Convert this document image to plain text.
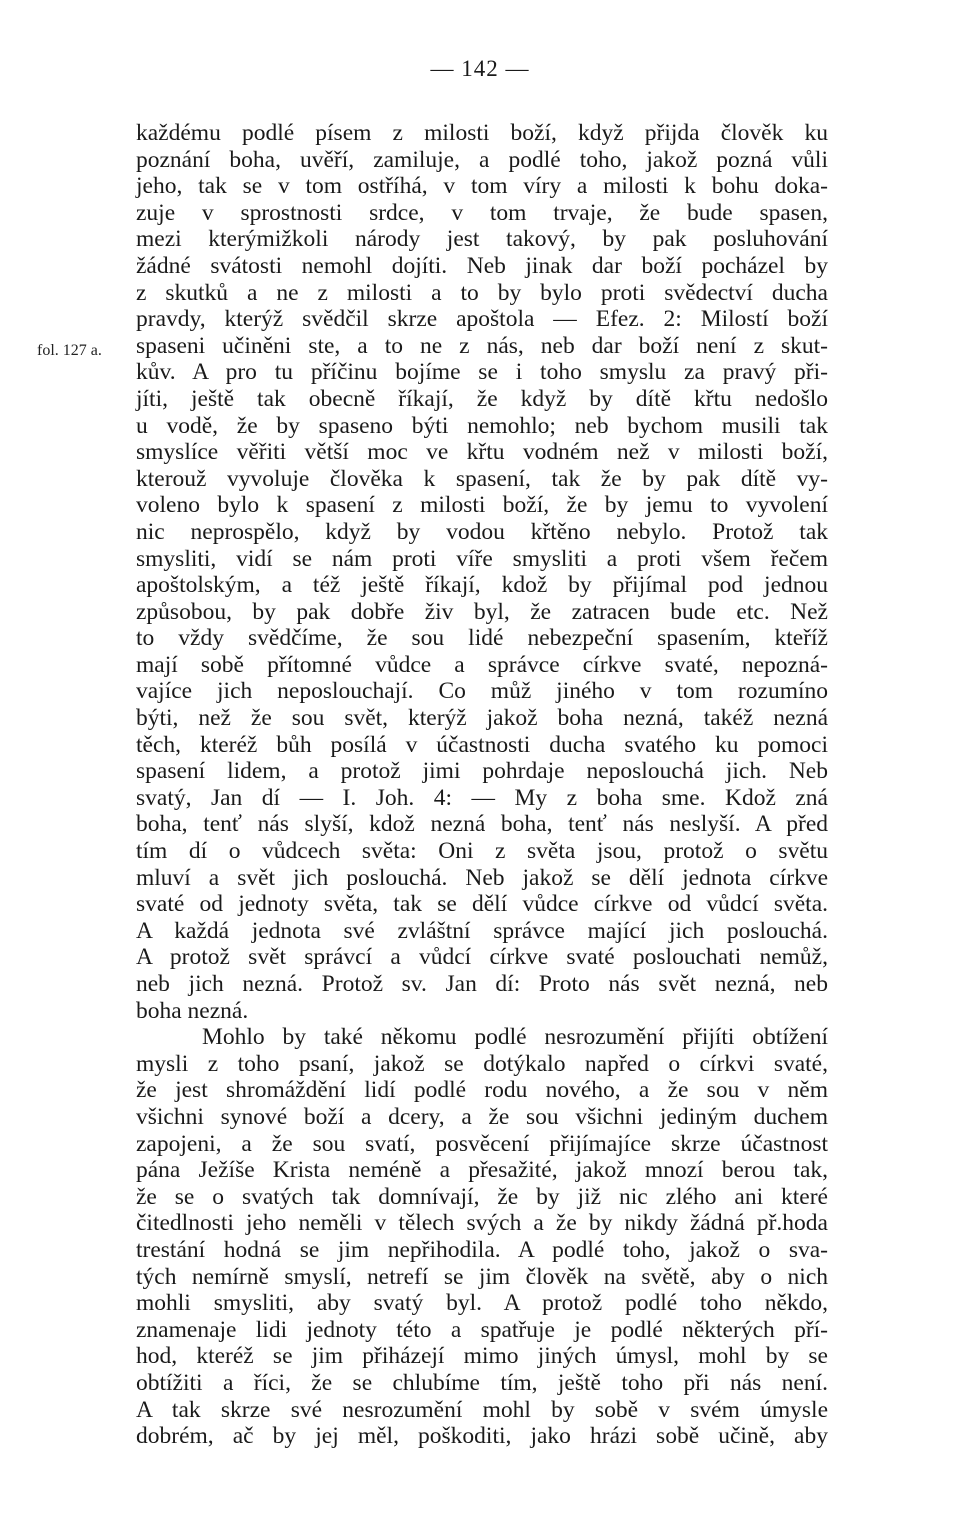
— 142 —
fol. 127 a.
každému podlé písem z milosti boží, když přijda člověk ku
poznání boha, uvěří, zamiluje, a podlé toho, jakož pozná vůli
jeho, tak se v tom ostříhá, v tom víry a milosti k bohu doka-
zuje v sprostnosti srdce, v tom trvaje, že bude spasen,
mezi kterýmižkoli národy jest takový, by pak posluhování
žádné svátosti nemohl dojíti. Neb jinak dar boží pocházel by
z skutků a ne z milosti a to by bylo proti svědectví ducha
pravdy, kterýž svědčil skrze apoštola — Efez. 2: Milostí boží
spaseni učiněni ste, a to ne z nás, neb dar boží není z skut-
kův. A pro tu příčinu bojíme se i toho smyslu za pravý při-
jíti, ještě tak obecně říkají, že když by dítě křtu nedošlo
u vodě, že by spaseno býti nemohlo; neb bychom musili tak
smyslíce věřiti větší moc ve křtu vodném než v milosti boží,
kterouž vyvoluje člověka k spasení, tak že by pak dítě vy-
voleno bylo k spasení z milosti boží, že by jemu to vyvolení
nic neprospělo, když by vodou křtěno nebylo. Protož tak
smysliti, vidí se nám proti víře smysliti a proti všem řečem
apoštolským, a též ještě říkají, kdož by přijímal pod jednou
způsobou, by pak dobře živ byl, že zatracen bude etc. Než
to vždy svědčíme, že sou lidé nebezpeční spasením, kteříž
mají sobě přítomné vůdce a správce církve svaté, nepozná-
vajíce jich neposlouchají. Co můž jiného v tom rozumíno
býti, než že sou svět, kterýž jakož boha nezná, takéž nezná
těch, kteréž bůh posílá v účastnosti ducha svatého ku pomoci
spasení lidem, a protož jimi pohrdaje neposlouchá jich. Neb
svatý, Jan dí — I. Joh. 4: — My z boha sme. Kdož zná
boha, tenť nás slyší, kdož nezná boha, tenť nás neslyší. A před
tím dí o vůdcech světa: Oni z světa jsou, protož o světu
mluví a svět jich poslouchá. Neb jakož se dělí jednota církve
svaté od jednoty světa, tak se dělí vůdce církve od vůdcí světa.
A každá jednota své zvláštní správce mající jich poslouchá.
A protož svět správcí a vůdcí církve svaté poslouchati nemůž,
neb jich nezná. Protož sv. Jan dí: Proto nás svět nezná, neb
boha nezná.
Mohlo by také někomu podlé nesrozumění přijíti obtížení
mysli z toho psaní, jakož se dotýkalo napřed o církvi svaté,
že jest shromáždění lidí podlé rodu nového, a že sou v něm
všichni synové boží a dcery, a že sou všichni jediným duchem
zapojeni, a že sou svatí, posvěcení přijímajíce skrze účastnost
pána Ježíše Krista neméně a přesažité, jakož mnozí berou tak,
že se o svatých tak domnívají, že by již nic zlého ani které
čitedlnosti jeho neměli v tělech svých a že by nikdy žádná př.hoda
trestání hodná se jim nepřihodila. A podlé toho, jakož o sva-
tých nemírně smyslí, netrefí se jim člověk na světě, aby o nich
mohli smysliti, aby svatý byl. A protož podlé toho někdo,
znamenaje lidi jednoty této a spatřuje je podlé některých pří-
hod, kteréž se jim přiházejí mimo jiných úmysl, mohl by se
obtížiti a říci, že se chlubíme tím, ještě toho při nás není.
A tak skrze své nesrozumění mohl by sobě v svém úmysle
dobrém, ač by jej měl, poškoditi, jako hrázi sobě učině, aby
